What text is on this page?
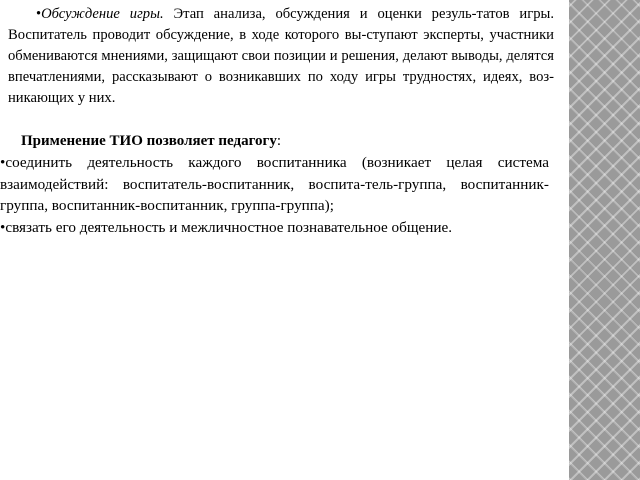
•Обсуждение игры. Этап анализа, обсуждения и оценки резуль-татов игры. Воспитатель проводит обсуждение, в ходе которого вы-ступают эксперты, участники обмениваются мнениями, защищают свои позиции и решения, делают выводы, делятся впечатлениями, рассказывают о возникавших по ходу игры трудностях, идеях, воз-никающих у них.

Применение ТИО позволяет педагогу:

•соединить деятельность каждого воспитанника (возникает целая система взаимодействий: воспитатель-воспитанник, воспита-тель-группа, воспитанник-группа, воспитанник-воспитанник, группа-группа);
•связать его деятельность и межличностное познавательное общение.
